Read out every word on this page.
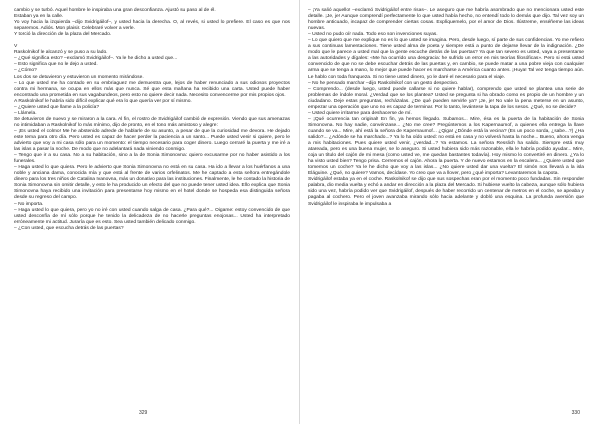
cambio y se turbó. Aquel hombre le inspiraba una gran desconfianza. Ajustó su paso al de él.

Estaban ya en la calle.

Yo voy hacia la izquierda –dijo Svidrigáilof–, y usted hacia la derecha. O, al revés, si usted lo prefiere. El caso es que nos separemos. Adiós. Mon plaisir. Celebraré volver a verle.

Y torció la dirección de la plaza del Mercado.

V

Raskolnikof le alcanzó y se puso a su lado.

– ¿Qué significa esto? –exclamó Svidrigáilof–. Ya le he dicho a usted que...

– Esto significa que no le dejo a usted.

– ¿Cómo?

Los dos se detuvieron y estuvieron un momento mirándose.

– Lo que usted me ha contado en su embriaguez me demuestra que, lejos de haber renunciado a sus odiosos proyectos contra mi hermana, se ocupa en ellos más que nunca. Sé que esta mañana ha recibido una carta. Usted puede haber encontrado una prometida en sus vagabundeos, pero esto no quiere decir nada. Necesito convencerme por mis propios ojos.

A Raskolnikof le habría sido difícil explicar qué era lo que quería ver por sí mismo.

– ¿Quiere usted que llame a la policía?

– Llámela.

Se detuvieron de nuevo y se miraron a la cara. Al fin, el rostro de Svidrigáilof cambió de expresión. Viendo que sus amenazas no intimidaban a Raskolnikof lo más mínimo, dijo de pronto, en el tono más amistoso y alegre:

– ¡Es usted el colmo! Me he abstenido adrede de hablarle de su asunto, a pesar de que la curiosidad me devora. He dejado este tema para otro día. Pero usted es capaz de hacer perder la paciencia a un santo... Puede usted venir si quiere, pero le advierto que voy a mi casa sólo para un momento: el tiempo necesario para coger dinero. Luego cerraré la puerta y me iré a las islas a pasar la noche. De modo que no adelantará nada viniendo conmigo.

– Tengo que ir a su casa. No a su habitación, sino a la de Sonia Simonovna: quiero excusarme por no haber asistido a los funerales.

– Haga usted lo que quiera. Pero le advierto que Sonia Simonovna no está en su casa. Ha ido a llevar a los huérfanos a una noble y anciana dama, conocida mía y que está al frente de varios orfelinatos. Me he captado a esta señora entregándole dinero para los tres niños de Catalina Ivanovna, más un donativo para las instituciones. Finalmente, le he contado la historia de Sonia Simonovna sin omitir detalle, y esto le ha producido un efecto del que no puede tener usted idea. Ello explica que Sonia Simonovna haya recibido una invitación para presentarse hoy mismo en el hotel donde se hospeda esa distinguida señora desde su regreso del campo.

– No importa.

– Haga usted lo que quiera, pero yo no iré con usted cuando salga de casa. ¿Para qué?... Oigame: estoy convencido de que usted desconfía de mí sólo porque he tenido la delicadeza de no hacerle preguntas enojosas... Usted ha interpretado erróneamente mi actitud. Juraría que es esto. Sea usted también delicado conmigo.

– ¿Con usted, que escucha detrás de las puertas?

329

– ¡Ya salió aquello! –exclamó Svidrigáilof entre risas–. Le aseguro que me habría asombrado que no mencionara usted este detalle. ¡Je, je! Aunque comprendí perfectamente lo que usted había hecho, no entendí todo lo demás que dijo. Tal vez soy un hombre anticuado, incapaz de comprender ciertas cosas. Explíquemelo, por el amor de Dios. Ilústreme, enséñeme las ideas nuevas.

– Usted no pudo oír nada. Todo eso son invenciones suyas.

– Lo que quiero que me explique no es lo que usted se imagina. Pero, desde luego, sí parte de sus confidencias. Yo me refiero a sus continuas lamentaciones. Tiene usted alma de poeta y siempre está a punto de dejarse llevar de la indignación. ¿De modo que le parece a usted mal que la gente escuche detrás de las puertas? Ya que tan severo es usted, vaya a presentarse a las autoridades y dígales: «Me ha ocurrido una desgracia: he sufrido un error en mis teorías filosóficas». Pero si está usted convencido de que no se debe escuchar detrás de las puertas y, en cambio, se puede matar a una pobre vieja con cualquier arma que se tenga a mano, lo mejor que puede hacer es marcharse a América cuanto antes. ¡Huya! Tal vez tenga tiempo aún. Le hablo con toda franqueza. Si no tiene usted dinero, yo le daré el necesario para el viaje.

– No he pensado marchar –dijo Raskolnikof con un gesto despectivo.

– Comprendo... (desde luego, usted puede callarse si no quiere hablar), comprendo que usted se plantea una serie de problemas de índole moral. ¿Verdad que se los plantea? Usted se pregunta si ha obrado como es propio de un hombre y un ciudadano. Deje estas preguntas, recházalas. ¿De qué pueden servirle ya? ¡Je, je! No vale la pena meterse en un asunto, empezar una operación que uno no es capaz de terminar. Por lo tanto, levántese la tapa de los sesos. ¿Qué, no se decide?

– Usted quiere irritarme para deshacerse de mí.

– ¡Qué ocurrencia tan original! En fin, ya hemos llegado. Subamos... Mire, ésa es la puerta de la habitación de Sonia Simonovna. No hay nadie, convénzase... ¿No me cree? Pregúntemos a los Kapernaumof, a quienes ella entrega la llave cuando se va... Mire, ahí está la señora de Kapernaumof... ¿Qiga! ¿Dónde está la vecina? (Es un poco sorda, ¿sabe...?) ¿Ha salido?... ¿Adónde se ha marchado...? Ya lo ha oído usted: no está en casa y no volverá hasta la noche... Bueno, ahora venga a mis habitaciones. Pues quiere usted venir, ¿verdad...? Ya estamos. La señora Resslich ha salido. Siempre está muy atareada, pero es una buena mujer, se lo aseguro. Si usted hubiera sido más razonable, ella le habría podido ayudar... Mire, coja un título del cajón de mi mesa (como usted ve, me quedan bastantes todavía). Hoy mismo lo convertiré en dinero. ¿Ya lo ha visto usted bien? Tengo prisa. Cerremos el cajón. Ahora la puerta. Y de nuevo estamos en la escalera... ¿Quiere usted que tomemos un coche? Ya le he dicho que voy a las islas... ¿No quiere usted dar una vuelta? El simón nos llevará a la isla Eláguine. ¿Qué, no quiere? Vamos, decídase. Yo creo que va a llover, pero ¿qué importa? Levantaremos la capota.

Svidrigáilof estaba ya en el coche. Raskolnikof se dijo que sus sospechas eran por el momento poco fundadas. Sin responder palabra, dio media vuelta y echó a andar en dirección a la plaza del Mercado. Si hubiese vuelto la cabeza, aunque sólo hubiera sido una vez, habría podido ver que Svidrigáilof, después de haber recorrido un centenar de metros en el coche, se apeaba y pagaba al cochero. Pero el joven avanzaba mirando sólo hacia adelante y dobló una esquina. La profunda aversión que Svidrigáilof le inspiraba le impulsaba a

330
